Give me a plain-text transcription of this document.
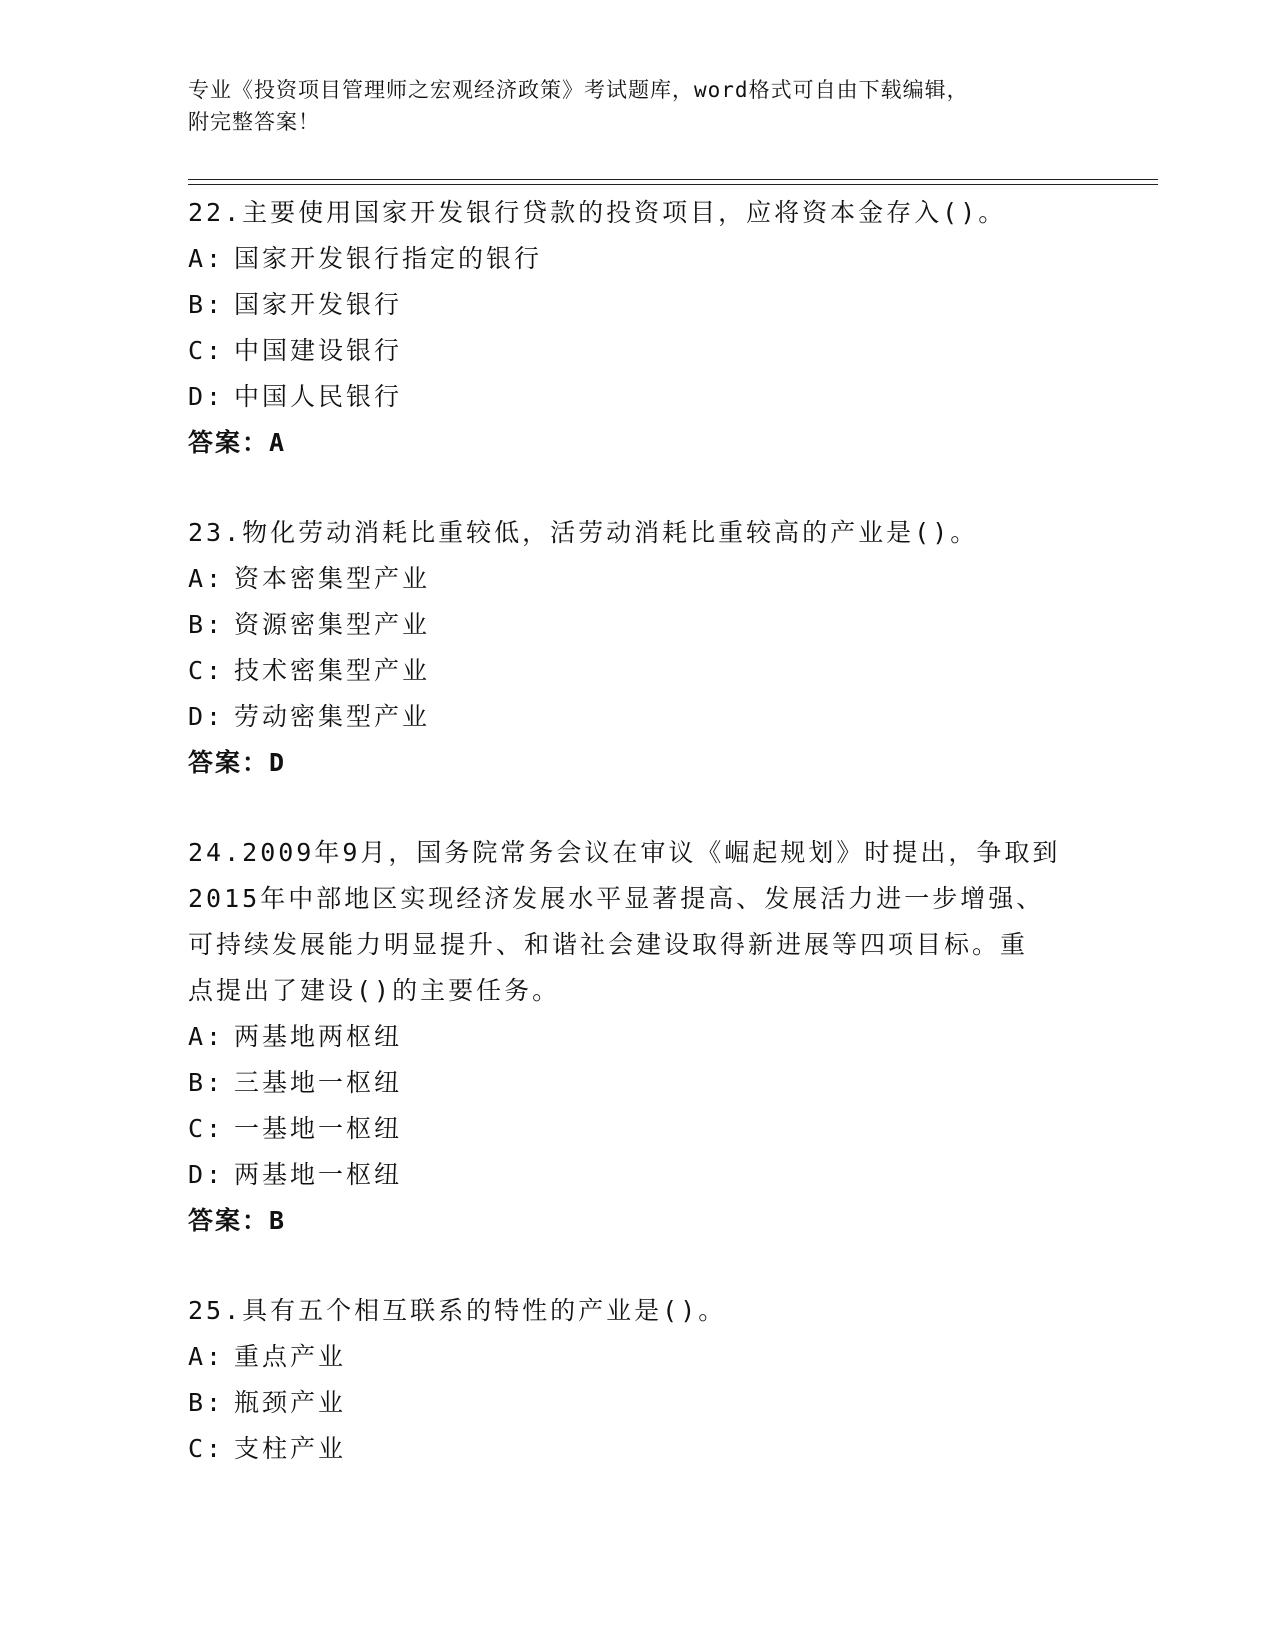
专业《投资项目管理师之宏观经济政策》考试题库，word格式可自由下载编辑，
附完整答案！
22.主要使用国家开发银行贷款的投资项目，应将资本金存入()。
A: 国家开发银行指定的银行
B: 国家开发银行
C: 中国建设银行
D: 中国人民银行
答案：A
23.物化劳动消耗比重较低，活劳动消耗比重较高的产业是()。
A: 资本密集型产业
B: 资源密集型产业
C: 技术密集型产业
D: 劳动密集型产业
答案：D
24.2009年9月，国务院常务会议在审议《崛起规划》时提出，争取到
2015年中部地区实现经济发展水平显著提高、发展活力进一步增强、
可持续发展能力明显提升、和谐社会建设取得新进展等四项目标。重
点提出了建设()的主要任务。
A: 两基地两枢纽
B: 三基地一枢纽
C: 一基地一枢纽
D: 两基地一枢纽
答案：B
25.具有五个相互联系的特性的产业是()。
A: 重点产业
B: 瓶颈产业
C: 支柱产业
